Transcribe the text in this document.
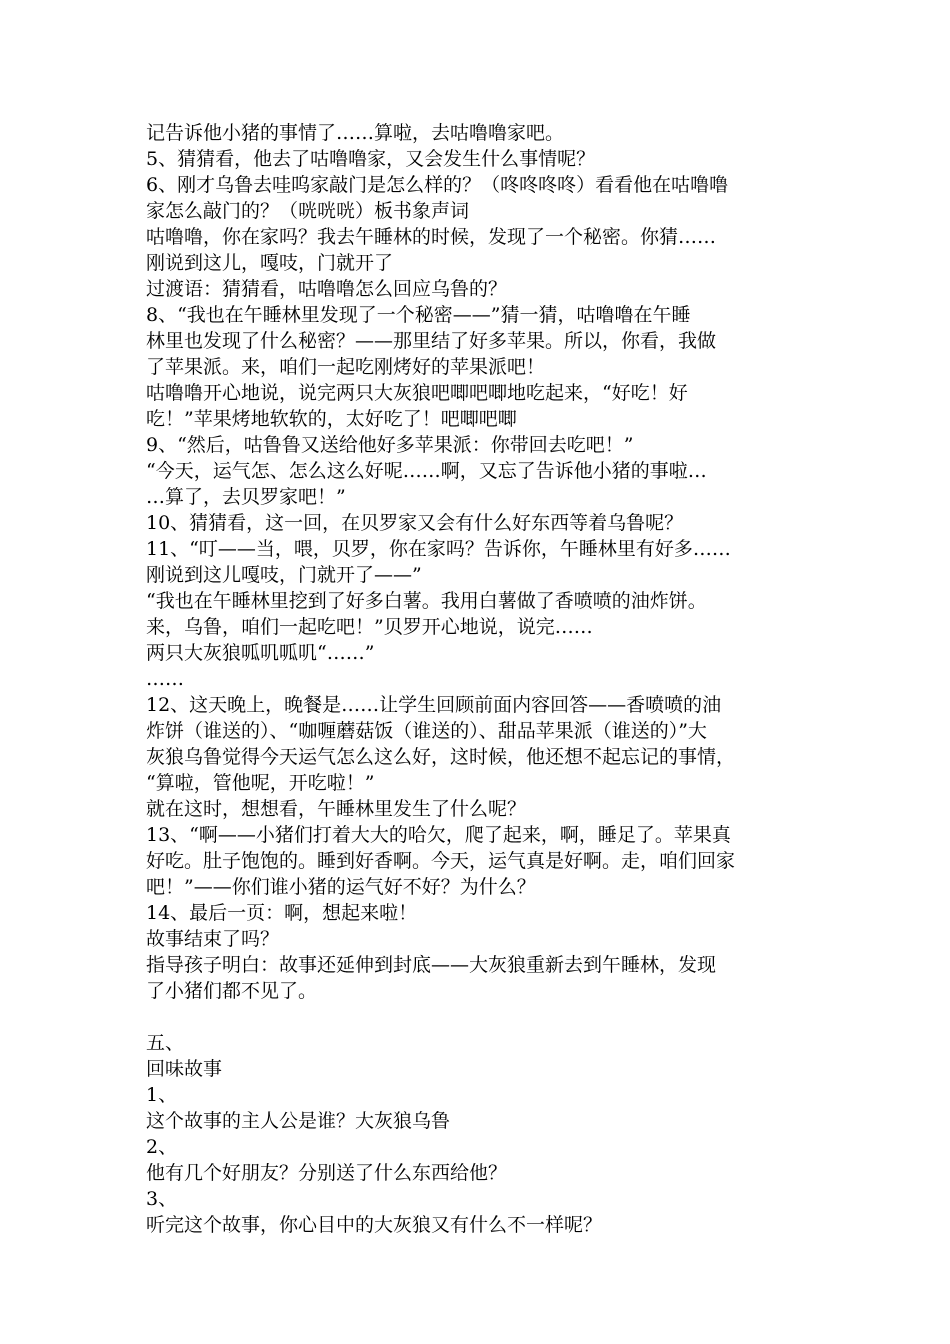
记告诉他小猪的事情了……算啦，去咕噜噜家吧。
5、猜猜看，他去了咕噜噜家，又会发生什么事情呢？
6、刚才乌鲁去哇呜家敲门是怎么样的？（咚咚咚咚）看看他在咕噜噜
家怎么敲门的？（咣咣咣）板书象声词
咕噜噜，你在家吗？我去午睡林的时候，发现了一个秘密。你猜……
刚说到这儿，嘎吱，门就开了
过渡语：猜猜看，咕噜噜怎么回应乌鲁的？
8、“我也在午睡林里发现了一个秘密——”猜一猜，咕噜噜在午睡
林里也发现了什么秘密？——那里结了好多苹果。所以，你看，我做
了苹果派。来，咱们一起吃刚烤好的苹果派吧！
咕噜噜开心地说，说完两只大灰狼吧唧吧唧地吃起来，“好吃！好
吃！”苹果烤地软软的，太好吃了！吧唧吧唧
9、“然后，咕鲁鲁又送给他好多苹果派：你带回去吃吧！”
“今天，运气怎、怎么这么好呢……啊，又忘了告诉他小猪的事啦…
…算了，去贝罗家吧！”
10、猜猜看，这一回，在贝罗家又会有什么好东西等着乌鲁呢？
11、“叮——当，喂，贝罗，你在家吗？告诉你，午睡林里有好多……
刚说到这儿嘎吱，门就开了——”
“我也在午睡林里挖到了好多白薯。我用白薯做了香喷喷的油炸饼。
来，乌鲁，咱们一起吃吧！”贝罗开心地说，说完……
两只大灰狼呱叽呱叽“……”
……
12、这天晚上，晚餐是……让学生回顾前面内容回答——香喷喷的油
炸饼（谁送的）、“咖喱蘑菇饭（谁送的）、甜品苹果派（谁送的）”大
灰狼乌鲁觉得今天运气怎么这么好，这时候，他还想不起忘记的事情，
“算啦，管他呢，开吃啦！”
就在这时，想想看，午睡林里发生了什么呢？
13、“啊——小猪们打着大大的哈欠，爬了起来，啊，睡足了。苹果真
好吃。肚子饱饱的。睡到好香啊。今天，运气真是好啊。走，咱们回家
吧！”——你们谁小猪的运气好不好？为什么？
14、最后一页：啊，想起来啦！
故事结束了吗？
指导孩子明白：故事还延伸到封底——大灰狼重新去到午睡林，发现
了小猪们都不见了。
五、
回味故事
1、
这个故事的主人公是谁？大灰狼乌鲁
2、
他有几个好朋友？分别送了什么东西给他？
3、
听完这个故事，你心目中的大灰狼又有什么不一样呢？
